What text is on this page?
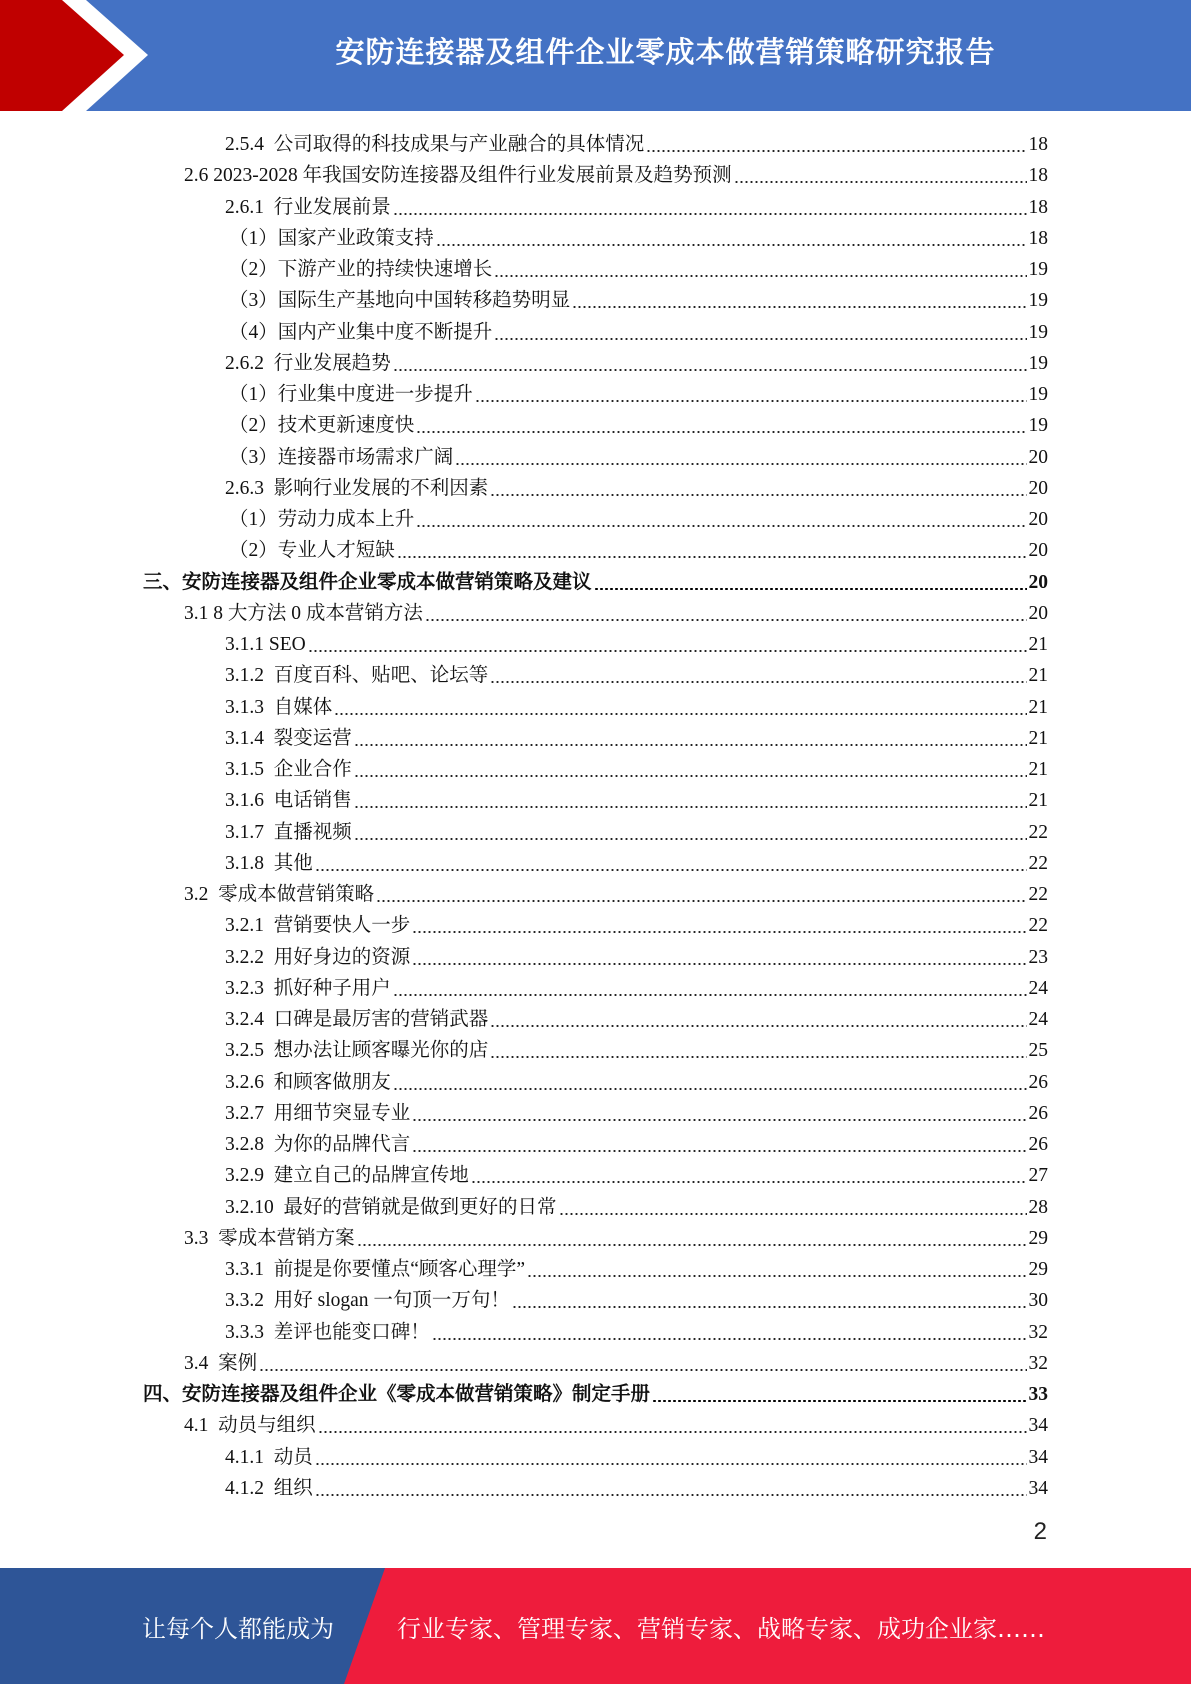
安防连接器及组件企业零成本做营销策略研究报告
2.5.4  公司取得的科技成果与产业融合的具体情况	18
2.6 2023-2028 年我国安防连接器及组件行业发展前景及趋势预测	18
2.6.1  行业发展前景	18
（1）国家产业政策支持	18
（2）下游产业的持续快速增长	19
（3）国际生产基地向中国转移趋势明显	19
（4）国内产业集中度不断提升	19
2.6.2  行业发展趋势	19
（1）行业集中度进一步提升	19
（2）技术更新速度快	19
（3）连接器市场需求广阔	20
2.6.3  影响行业发展的不利因素	20
（1）劳动力成本上升	20
（2）专业人才短缺	20
三、安防连接器及组件企业零成本做营销策略及建议	20
3.1 8 大方法 0 成本营销方法	20
3.1.1 SEO	21
3.1.2  百度百科、贴吧、论坛等	21
3.1.3  自媒体	21
3.1.4  裂变运营	21
3.1.5  企业合作	21
3.1.6  电话销售	21
3.1.7  直播视频	22
3.1.8  其他	22
3.2  零成本做营销策略	22
3.2.1  营销要快人一步	22
3.2.2  用好身边的资源	23
3.2.3  抓好种子用户	24
3.2.4  口碑是最厉害的营销武器	24
3.2.5  想办法让顾客曝光你的店	25
3.2.6  和顾客做朋友	26
3.2.7  用细节突显专业	26
3.2.8  为你的品牌代言	26
3.2.9  建立自己的品牌宣传地	27
3.2.10  最好的营销就是做到更好的日常	28
3.3  零成本营销方案	29
3.3.1  前提是你要懂点“顾客心理学”	29
3.3.2  用好 slogan 一句顶一万句！	30
3.3.3  差评也能变口碑！	32
3.4  案例	32
四、安防连接器及组件企业《零成本做营销策略》制定手册	33
4.1  动员与组织	34
4.1.1  动员	34
4.1.2  组织	34
2
让每个人都能成为	行业专家、管理专家、营销专家、战略专家、成功企业家……
